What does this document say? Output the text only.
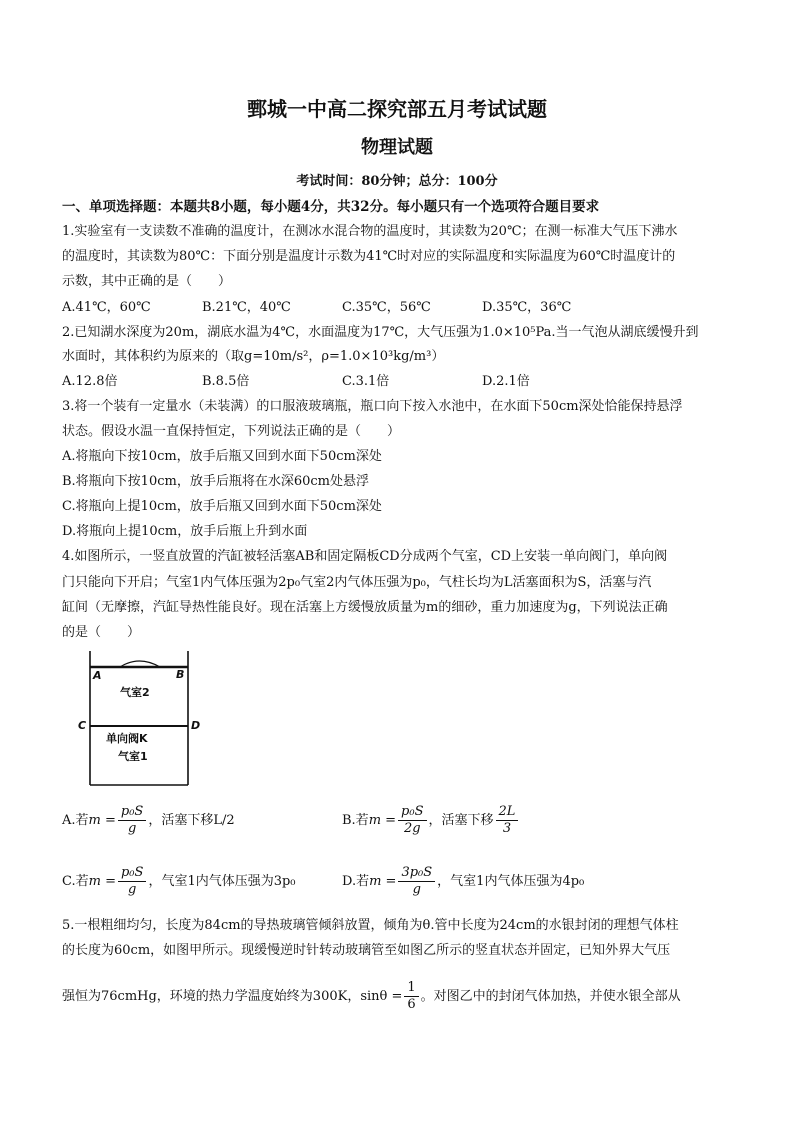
鄄城一中高二探究部五月考试试题
物理试题
考试时间：80分钟；总分：100分
一、单项选择题：本题共8小题，每小题4分，共32分。每小题只有一个选项符合题目要求
1.实验室有一支读数不准确的温度计，在测冰水混合物的温度时，其读数为20℃；在测一标准大气压下沸水
的温度时，其读数为80℃：下面分别是温度计示数为41℃时对应的实际温度和实际温度为60℃时温度计的
示数，其中正确的是（　　）
A.41℃，60℃	B.21℃，40℃	C.35℃，56℃	D.35℃，36℃
2.已知湖水深度为20m，湖底水温为4℃，水面温度为17℃，大气压强为1.0×10⁵Pa.当一气泡从湖底缓慢升到
水面时，其体积约为原来的（取g=10m/s²，ρ=1.0×10³kg/m³）
A.12.8倍	B.8.5倍	C.3.1倍	D.2.1倍
3.将一个装有一定量水（未装满）的口服液玻璃瓶，瓶口向下按入水池中，在水面下50cm深处恰能保持悬浮
状态。假设水温一直保持恒定，下列说法正确的是（　　）
A.将瓶向下按10cm，放手后瓶又回到水面下50cm深处
B.将瓶向下按10cm，放手后瓶将在水深60cm处悬浮
C.将瓶向上提10cm，放手后瓶又回到水面下50cm深处
D.将瓶向上提10cm，放手后瓶上升到水面
4.如图所示，一竖直放置的汽缸被轻活塞AB和固定隔板CD分成两个气室，CD上安装一单向阀门，单向阀
门只能向下开启；气室1内气体压强为2p₀气室2内气体压强为p₀，气柱长均为L活塞面积为S，活塞与汽
缸间（无摩擦，汽缸导热性能良好。现在活塞上方缓慢放质量为m的细砂，重力加速度为g，下列说法正确
的是（　　）
A	B
气室2
单向阀K
气室1
C	D
A.若$m = \frac{\text{p₀S}}{g}$ ，活塞下移L/2	B.若$m = \frac{\text{p₀S}}{2g}$ ，活塞下移 $\frac{2L}{3}$
C.若$m = \frac{\text{p₀S}}{g}$ ，气室1内气体压强为3p₀	D.若$m = \frac{\text{3p₀S}}{g}$ ，气室1内气体压强为4p₀
5.一根粗细均匀，长度为84cm的导热玻璃管倾斜放置，倾角为θ.管中长度为24cm的水银封闭的理想气体柱
的长度为60cm，如图甲所示。现缓慢逆时针转动玻璃管至如图乙所示的竖直状态并固定，已知外界大气压
强恒为76cmHg，环境的热力学温度始终为300K，$\sin\theta = \frac{1}{6}$ 。对图乙中的封闭气体加热，并使水银全部从
